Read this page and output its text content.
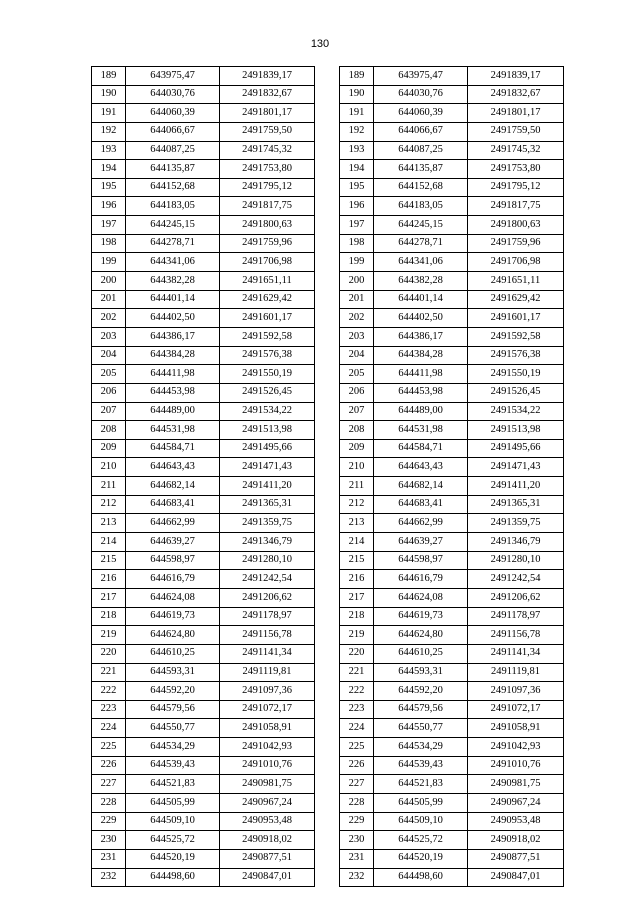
130
189	643975,47	2491839,17
190	644030,76	2491832,67
191	644060,39	2491801,17
192	644066,67	2491759,50
193	644087,25	2491745,32
194	644135,87	2491753,80
195	644152,68	2491795,12
196	644183,05	2491817,75
197	644245,15	2491800,63
198	644278,71	2491759,96
199	644341,06	2491706,98
200	644382,28	2491651,11
201	644401,14	2491629,42
202	644402,50	2491601,17
203	644386,17	2491592,58
204	644384,28	2491576,38
205	644411,98	2491550,19
206	644453,98	2491526,45
207	644489,00	2491534,22
208	644531,98	2491513,98
209	644584,71	2491495,66
210	644643,43	2491471,43
211	644682,14	2491411,20
212	644683,41	2491365,31
213	644662,99	2491359,75
214	644639,27	2491346,79
215	644598,97	2491280,10
216	644616,79	2491242,54
217	644624,08	2491206,62
218	644619,73	2491178,97
219	644624,80	2491156,78
220	644610,25	2491141,34
221	644593,31	2491119,81
222	644592,20	2491097,36
223	644579,56	2491072,17
224	644550,77	2491058,91
225	644534,29	2491042,93
226	644539,43	2491010,76
227	644521,83	2490981,75
228	644505,99	2490967,24
229	644509,10	2490953,48
230	644525,72	2490918,02
231	644520,19	2490877,51
232	644498,60	2490847,01
189	643975,47	2491839,17
190	644030,76	2491832,67
191	644060,39	2491801,17
192	644066,67	2491759,50
193	644087,25	2491745,32
194	644135,87	2491753,80
195	644152,68	2491795,12
196	644183,05	2491817,75
197	644245,15	2491800,63
198	644278,71	2491759,96
199	644341,06	2491706,98
200	644382,28	2491651,11
201	644401,14	2491629,42
202	644402,50	2491601,17
203	644386,17	2491592,58
204	644384,28	2491576,38
205	644411,98	2491550,19
206	644453,98	2491526,45
207	644489,00	2491534,22
208	644531,98	2491513,98
209	644584,71	2491495,66
210	644643,43	2491471,43
211	644682,14	2491411,20
212	644683,41	2491365,31
213	644662,99	2491359,75
214	644639,27	2491346,79
215	644598,97	2491280,10
216	644616,79	2491242,54
217	644624,08	2491206,62
218	644619,73	2491178,97
219	644624,80	2491156,78
220	644610,25	2491141,34
221	644593,31	2491119,81
222	644592,20	2491097,36
223	644579,56	2491072,17
224	644550,77	2491058,91
225	644534,29	2491042,93
226	644539,43	2491010,76
227	644521,83	2490981,75
228	644505,99	2490967,24
229	644509,10	2490953,48
230	644525,72	2490918,02
231	644520,19	2490877,51
232	644498,60	2490847,01
